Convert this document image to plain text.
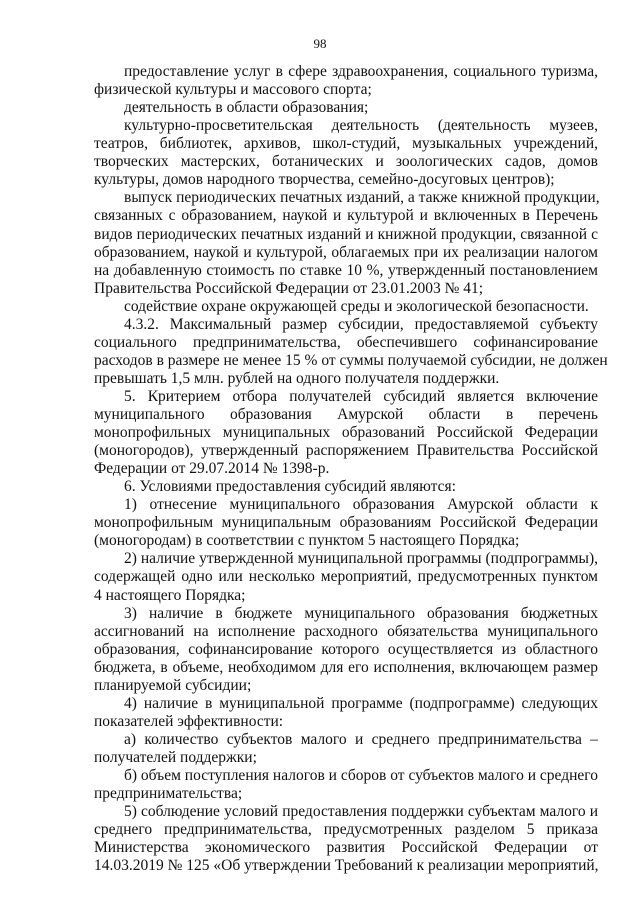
98
предоставление услуг в сфере здравоохранения, социального туризма,
физической культуры и массового спорта;
деятельность в области образования;
культурно-просветительская деятельность (деятельность музеев,
театров, библиотек, архивов, школ-студий, музыкальных учреждений,
творческих мастерских, ботанических и зоологических садов, домов
культуры, домов народного творчества, семейно-досуговых центров);
выпуск периодических печатных изданий, а также книжной продукции,
связанных с образованием, наукой и культурой и включенных в Перечень
видов периодических печатных изданий и книжной продукции, связанной с
образованием, наукой и культурой, облагаемых при их реализации налогом
на добавленную стоимость по ставке 10 %, утвержденный постановлением
Правительства Российской Федерации от 23.01.2003 № 41;
содействие охране окружающей среды и экологической безопасности.
4.3.2. Максимальный размер субсидии, предоставляемой субъекту
социального предпринимательства, обеспечившего софинансирование
расходов в размере не менее 15 % от суммы получаемой субсидии, не должен
превышать 1,5 млн. рублей на одного получателя поддержки.
5. Критерием отбора получателей субсидий является включение
муниципального образования Амурской области в перечень
монопрофильных муниципальных образований Российской Федерации
(моногородов), утвержденный распоряжением Правительства Российской
Федерации от 29.07.2014 № 1398-р.
6. Условиями предоставления субсидий являются:
1) отнесение муниципального образования Амурской области к
монопрофильным муниципальным образованиям Российской Федерации
(моногородам) в соответствии с пунктом 5 настоящего Порядка;
2) наличие утвержденной муниципальной программы (подпрограммы),
содержащей одно или несколько мероприятий, предусмотренных пунктом
4 настоящего Порядка;
3) наличие в бюджете муниципального образования бюджетных
ассигнований на исполнение расходного обязательства муниципального
образования, софинансирование которого осуществляется из областного
бюджета, в объеме, необходимом для его исполнения, включающем размер
планируемой субсидии;
4) наличие в муниципальной программе (подпрограмме) следующих
показателей эффективности:
а) количество субъектов малого и среднего предпринимательства –
получателей поддержки;
б) объем поступления налогов и сборов от субъектов малого и среднего
предпринимательства;
5) соблюдение условий предоставления поддержки субъектам малого и
среднего предпринимательства, предусмотренных разделом 5 приказа
Министерства экономического развития Российской Федерации от
14.03.2019 № 125 «Об утверждении Требований к реализации мероприятий,
